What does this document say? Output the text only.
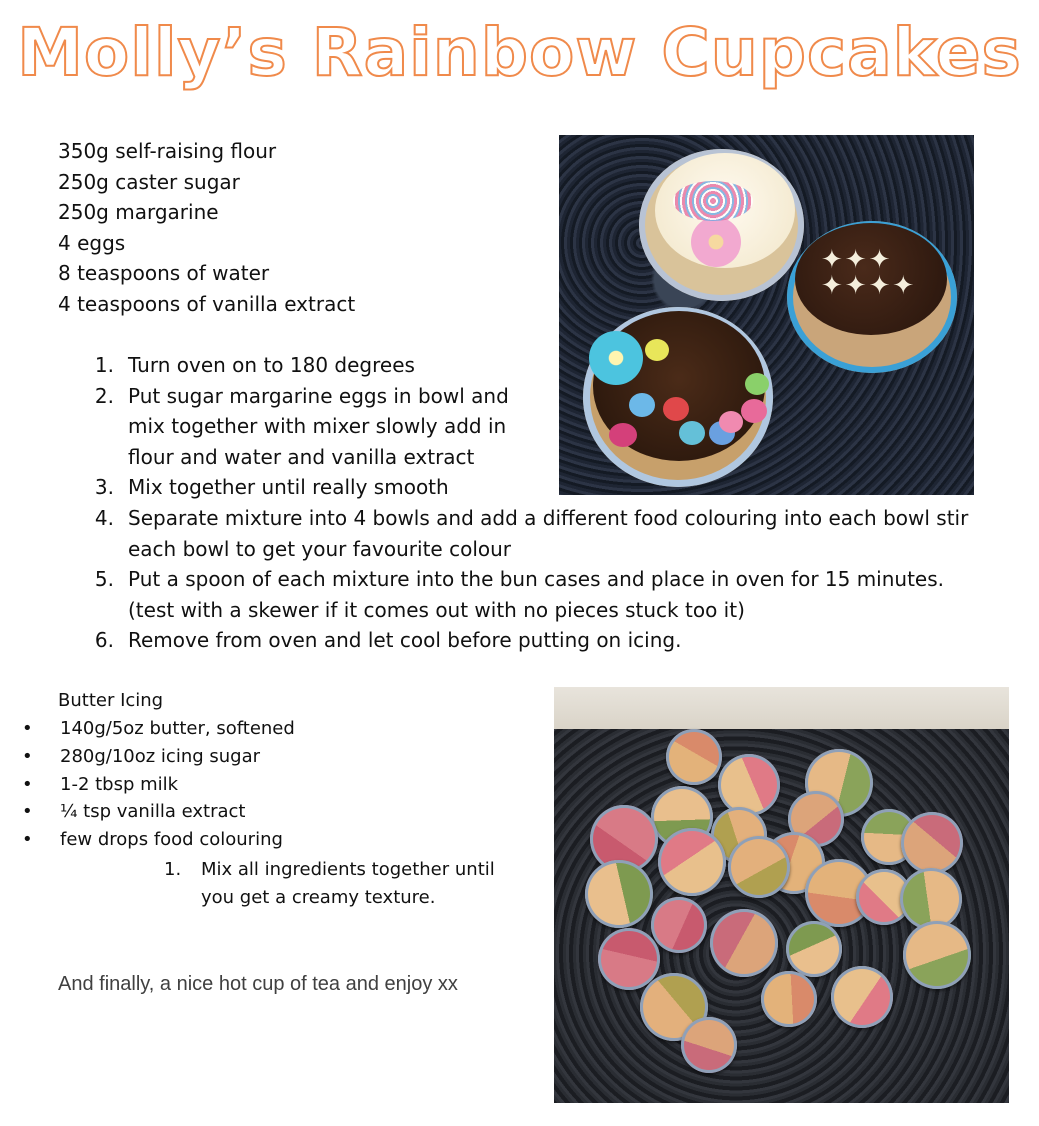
Molly’s Rainbow Cupcakes
350g self-raising flour
250g caster sugar
250g margarine
4 eggs
8 teaspoons of water
4 teaspoons of vanilla extract
✦✦✦
✦✦✦✦
1. Turn oven on to 180 degrees
2. Put sugar margarine eggs in bowl and mix together with mixer slowly add in flour and water and vanilla extract
3. Mix together until really smooth
4. Separate mixture into 4 bowls and add a different food colouring into each bowl stir each bowl to get your favourite colour
5. Put a spoon of each mixture into the bun cases and place in oven for 15 minutes. (test with a skewer if it comes out with no pieces stuck too it)
6. Remove from oven and let cool before putting on icing.
Butter Icing
•	140g/5oz butter, softened
•	280g/10oz icing sugar
•	1-2 tbsp milk
•	¼ tsp vanilla extract
•	few drops food colouring
1.	Mix all ingredients together until you get a creamy texture.
And finally, a nice hot cup of tea and enjoy xx
